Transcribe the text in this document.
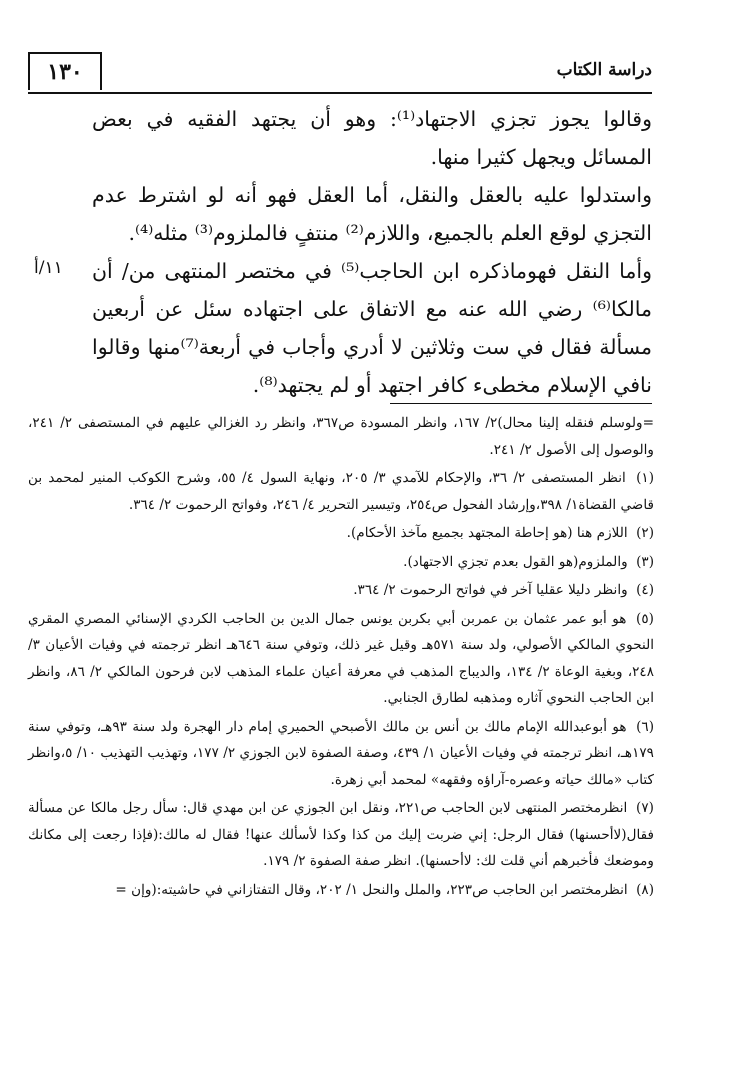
١٣٠	دراسة الكتاب
وقالوا يجوز تجزي الاجتهاد⁽¹⁾: وهو أن يجتهد الفقيه في بعض المسائل ويجهل كثيرا منها.
واستدلوا عليه بالعقل والنقل، أما العقل فهو أنه لو اشترط عدم التجزي لوقع العلم بالجميع، واللازم⁽²⁾ منتفٍ فالملزوم⁽³⁾ مثله⁽⁴⁾.
١١/أ وأما النقل فهوماذكره ابن الحاجب⁽⁵⁾ في مختصر المنتهى من/ أن مالكا⁽⁶⁾ رضي الله عنه مع الاتفاق على اجتهاده سئل عن أربعين مسألة فقال في ست وثلاثين لا أدري وأجاب في أربعة⁽⁷⁾منها وقالوا نافي الإسلام مخطىء كافر اجتهد أو لم يجتهد⁽⁸⁾.

=ولوسلم فنقله إلينا محال)٢/ ١٦٧، وانظر المسودة ص٣٦٧، وانظر رد الغزالي عليهم في المستصفى ٢/ ٢٤١، والوصول إلى الأصول ٢/ ٢٤١.

(١) انظر المستصفى ٢/ ٣٦، والإحكام للآمدي ٣/ ٢٠٥، ونهاية السول ٤/ ٥٥، وشرح الكوكب المنير لمحمد بن قاضي القضاة١/ ٣٩٨،وإرشاد الفحول ص٢٥٤، وتيسير التحرير ٤/ ٢٤٦، وفواتح الرحموت ٢/ ٣٦٤.

(٢) اللازم هنا (هو إحاطة المجتهد بجميع مآخذ الأحكام).

(٣) والملزوم(هو القول بعدم تجزي الاجتهاد).

(٤) وانظر دليلا عقليا آخر في فواتح الرحموت ٢/ ٣٦٤.

(٥) هو أبو عمر عثمان بن عمربن أبي بكربن يونس جمال الدين بن الحاجب الكردي الإسنائي المصري المقري النحوي المالكي الأصولي، ولد سنة ٥٧١هـ وقيل غير ذلك، وتوفي سنة ٦٤٦هـ انظر ترجمته في وفيات الأعيان ٣/ ٢٤٨، وبغية الوعاة ٢/ ١٣٤، والديباج المذهب في معرفة أعيان علماء المذهب لابن فرحون المالكي ٢/ ٨٦، وانظر ابن الحاجب النحوي آثاره ومذهبه لطارق الجنابي.

(٦) هو أبوعبدالله الإمام مالك بن أنس بن مالك الأصبحي الحميري إمام دار الهجرة ولد سنة ٩٣هـ، وتوفي سنة ١٧٩هـ، انظر ترجمته في وفيات الأعيان ١/ ٤٣٩، وصفة الصفوة لابن الجوزي ٢/ ١٧٧، وتهذيب التهذيب ١٠/ ٥،وانظر كتاب «مالك حياته وعصره-آراؤه وفقهه» لمحمد أبي زهرة.

(٧) انظرمختصر المنتهى لابن الحاجب ص٢٢١، ونقل ابن الجوزي عن ابن مهدي قال: سأل رجل مالكا عن مسألة فقال(لاأحسنها) فقال الرجل: إني ضربت إليك من كذا وكذا لأسألك عنها! فقال له مالك:(فإذا رجعت إلى مكانك وموضعك فأخبرهم أني قلت لك: لاأحسنها). انظر صفة الصفوة ٢/ ١٧٩.

(٨) انظرمختصر ابن الحاجب ص٢٢٣، والملل والنحل ١/ ٢٠٢، وقال التفتازاني في حاشيته:(وإن =
